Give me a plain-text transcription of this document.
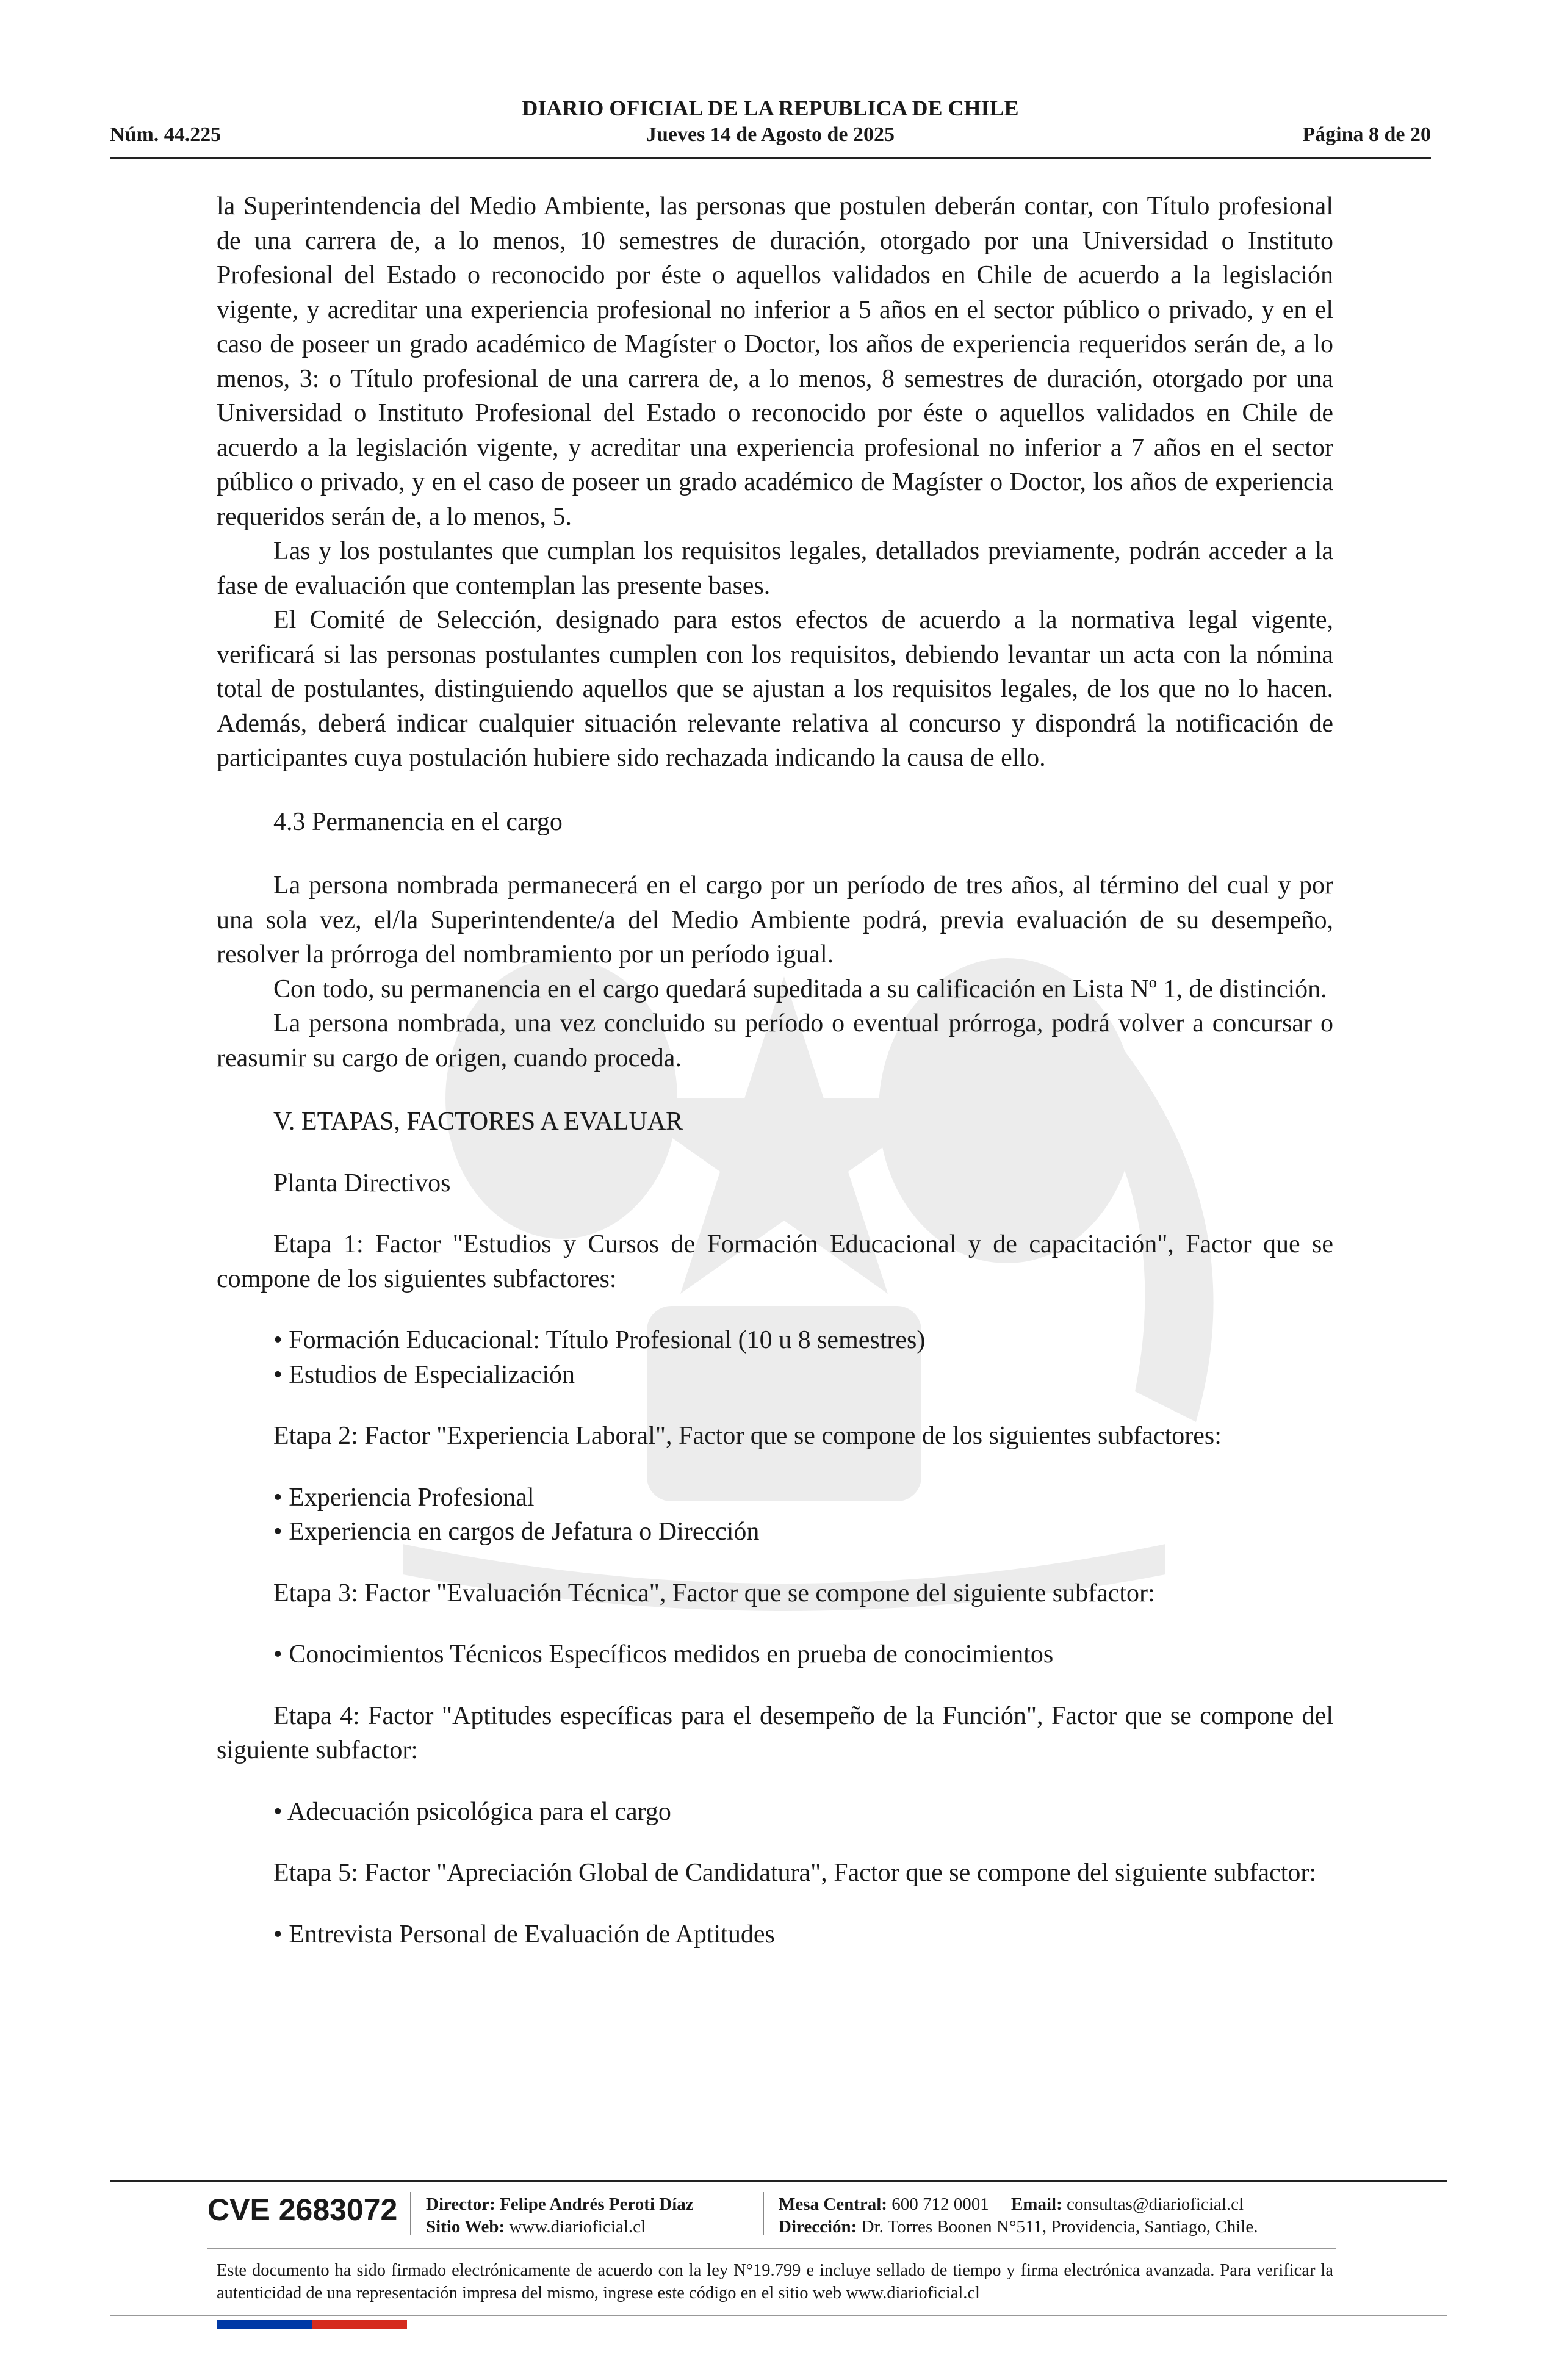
DIARIO OFICIAL DE LA REPUBLICA DE CHILE
Núm. 44.225	Jueves 14 de Agosto de 2025	Página 8 de 20

la Superintendencia del Medio Ambiente, las personas que postulen deberán contar, con Título profesional de una carrera de, a lo menos, 10 semestres de duración, otorgado por una Universidad o Instituto Profesional del Estado o reconocido por éste o aquellos validados en Chile de acuerdo a la legislación vigente, y acreditar una experiencia profesional no inferior a 5 años en el sector público o privado, y en el caso de poseer un grado académico de Magíster o Doctor, los años de experiencia requeridos serán de, a lo menos, 3: o Título profesional de una carrera de, a lo menos, 8 semestres de duración, otorgado por una Universidad o Instituto Profesional del Estado o reconocido por éste o aquellos validados en Chile de acuerdo a la legislación vigente, y acreditar una experiencia profesional no inferior a 7 años en el sector público o privado, y en el caso de poseer un grado académico de Magíster o Doctor, los años de experiencia requeridos serán de, a lo menos, 5.

Las y los postulantes que cumplan los requisitos legales, detallados previamente, podrán acceder a la fase de evaluación que contemplan las presente bases.

El Comité de Selección, designado para estos efectos de acuerdo a la normativa legal vigente, verificará si las personas postulantes cumplen con los requisitos, debiendo levantar un acta con la nómina total de postulantes, distinguiendo aquellos que se ajustan a los requisitos legales, de los que no lo hacen. Además, deberá indicar cualquier situación relevante relativa al concurso y dispondrá la notificación de participantes cuya postulación hubiere sido rechazada indicando la causa de ello.

4.3 Permanencia en el cargo

La persona nombrada permanecerá en el cargo por un período de tres años, al término del cual y por una sola vez, el/la Superintendente/a del Medio Ambiente podrá, previa evaluación de su desempeño, resolver la prórroga del nombramiento por un período igual.

Con todo, su permanencia en el cargo quedará supeditada a su calificación en Lista Nº 1, de distinción.

La persona nombrada, una vez concluido su período o eventual prórroga, podrá volver a concursar o reasumir su cargo de origen, cuando proceda.

V. ETAPAS, FACTORES A EVALUAR

Planta Directivos

Etapa 1: Factor "Estudios y Cursos de Formación Educacional y de capacitación", Factor que se compone de los siguientes subfactores:

• Formación Educacional: Título Profesional (10 u 8 semestres)
• Estudios de Especialización

Etapa 2: Factor "Experiencia Laboral", Factor que se compone de los siguientes subfactores:

• Experiencia Profesional
• Experiencia en cargos de Jefatura o Dirección

Etapa 3: Factor "Evaluación Técnica", Factor que se compone del siguiente subfactor:

• Conocimientos Técnicos Específicos medidos en prueba de conocimientos

Etapa 4: Factor "Aptitudes específicas para el desempeño de la Función", Factor que se compone del siguiente subfactor:

• Adecuación psicológica para el cargo

Etapa 5: Factor "Apreciación Global de Candidatura", Factor que se compone del siguiente subfactor:

• Entrevista Personal de Evaluación de Aptitudes
CVE 2683072 Director: Felipe Andrés Peroti Díaz
Sitio Web: www.diarioficial.cl
Mesa Central: 600 712 0001 Email: consultas@diarioficial.cl
Dirección: Dr. Torres Boonen N°511, Providencia, Santiago, Chile.
Este documento ha sido firmado electrónicamente de acuerdo con la ley N°19.799 e incluye sellado de tiempo y firma electrónica avanzada. Para verificar la autenticidad de una representación impresa del mismo, ingrese este código en el sitio web www.diarioficial.cl
